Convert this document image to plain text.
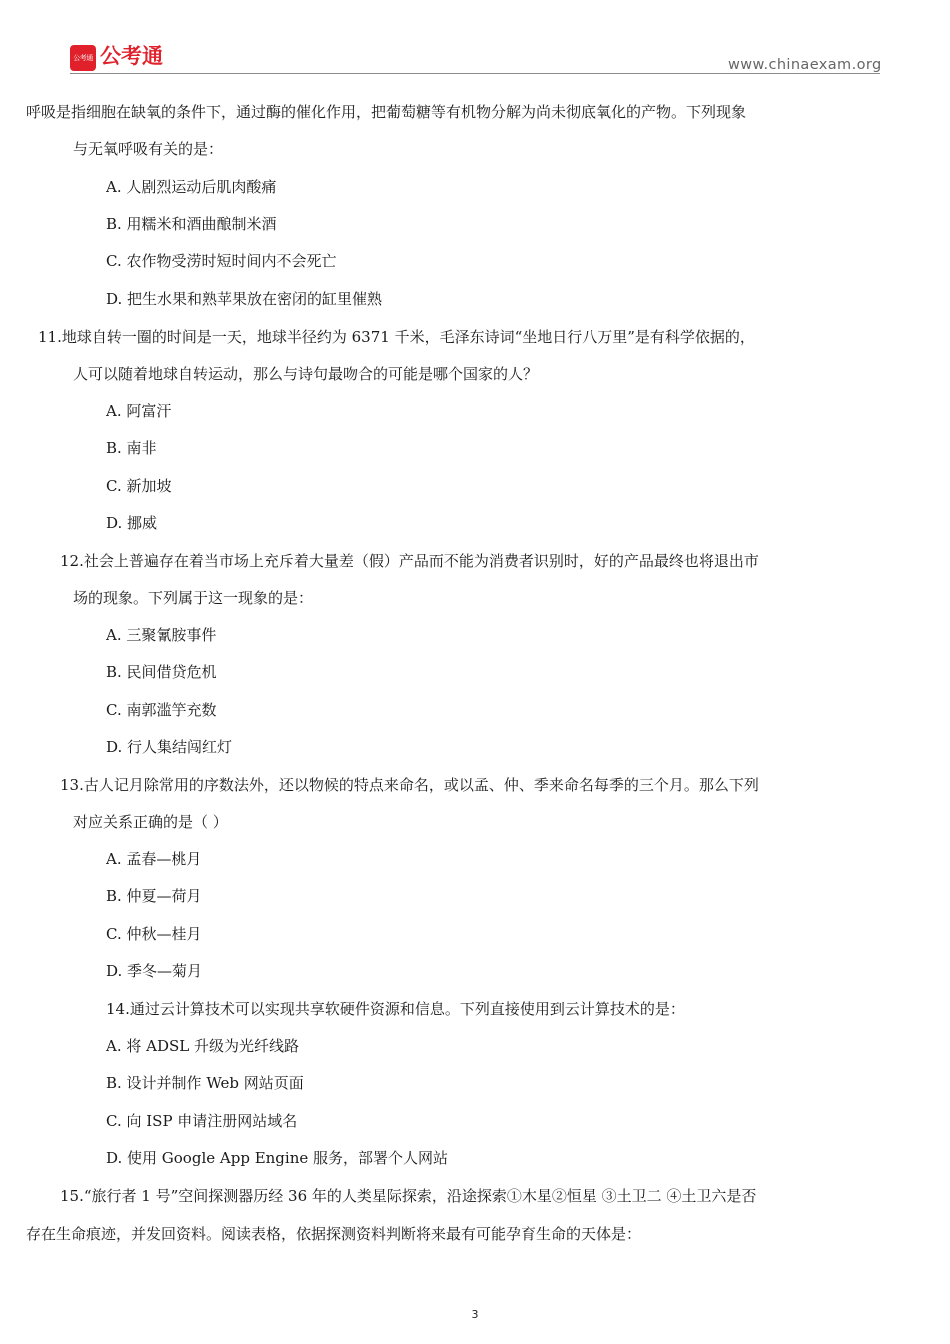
公考通 公考通	www.chinaexam.org
呼吸是指细胞在缺氧的条件下，通过酶的催化作用，把葡萄糖等有机物分解为尚未彻底氧化的产物。下列现象
与无氧呼吸有关的是：
A. 人剧烈运动后肌肉酸痛
B. 用糯米和酒曲酿制米酒
C. 农作物受涝时短时间内不会死亡
D. 把生水果和熟苹果放在密闭的缸里催熟
11.地球自转一圈的时间是一天，地球半径约为 6371 千米，毛泽东诗词“坐地日行八万里”是有科学依据的，
人可以随着地球自转运动，那么与诗句最吻合的可能是哪个国家的人？
A. 阿富汗
B. 南非
C. 新加坡
D. 挪威
12.社会上普遍存在着当市场上充斥着大量差（假）产品而不能为消费者识别时，好的产品最终也将退出市
场的现象。下列属于这一现象的是：
A. 三聚氰胺事件
B. 民间借贷危机
C. 南郭滥竽充数
D. 行人集结闯红灯
13.古人记月除常用的序数法外，还以物候的特点来命名，或以孟、仲、季来命名每季的三个月。那么下列
对应关系正确的是（ ）
A. 孟春—桃月
B. 仲夏—荷月
C. 仲秋—桂月
D. 季冬—菊月
14.通过云计算技术可以实现共享软硬件资源和信息。下列直接使用到云计算技术的是：
A. 将 ADSL 升级为光纤线路
B. 设计并制作 Web 网站页面
C. 向 ISP 申请注册网站域名
D. 使用 Google App Engine 服务，部署个人网站
15.“旅行者 1 号”空间探测器历经 36 年的人类星际探索，沿途探索①木星②恒星 ③土卫二 ④土卫六是否
存在生命痕迹，并发回资料。阅读表格，依据探测资料判断将来最有可能孕育生命的天体是：
3
